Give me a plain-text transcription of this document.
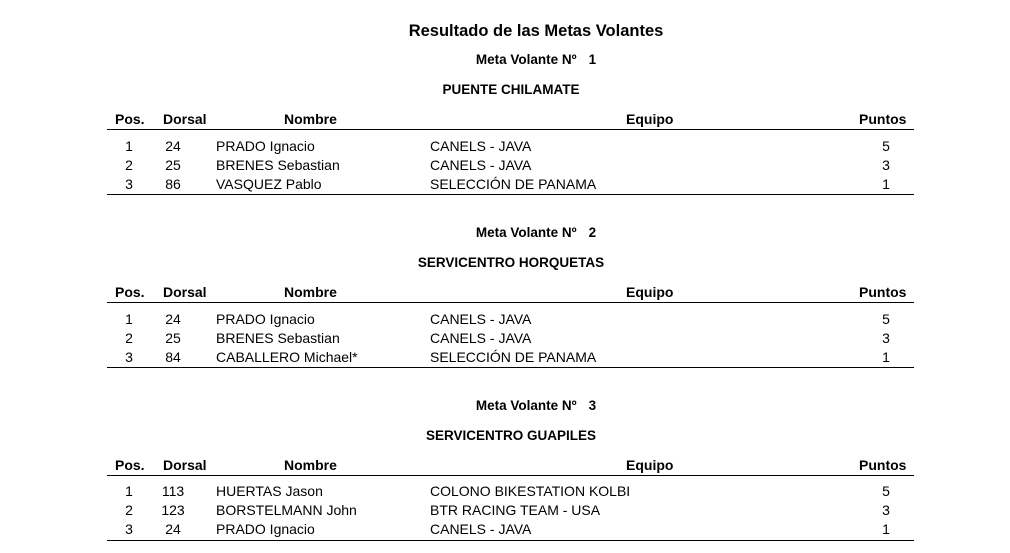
Resultado de las Metas Volantes
Meta Volante Nº 1
PUENTE CHILAMATE
Pos. Dorsal	Nombre	Equipo	Puntos
1	24	PRADO Ignacio	CANELS - JAVA	5
2	25	BRENES Sebastian	CANELS - JAVA	3
3	86	VASQUEZ Pablo	SELECCIÓN DE PANAMA	1
Meta Volante Nº 2
SERVICENTRO HORQUETAS
Pos. Dorsal	Nombre	Equipo	Puntos
1	24	PRADO Ignacio	CANELS - JAVA	5
2	25	BRENES Sebastian	CANELS - JAVA	3
3	84	CABALLERO Michael*	SELECCIÓN DE PANAMA	1
Meta Volante Nº 3
SERVICENTRO GUAPILES
Pos. Dorsal	Nombre	Equipo	Puntos
1	113 HUERTAS Jason	COLONO BIKESTATION KOLBI	5
2	123 BORSTELMANN John	BTR RACING TEAM - USA	3
3	24	PRADO Ignacio	CANELS - JAVA	1
